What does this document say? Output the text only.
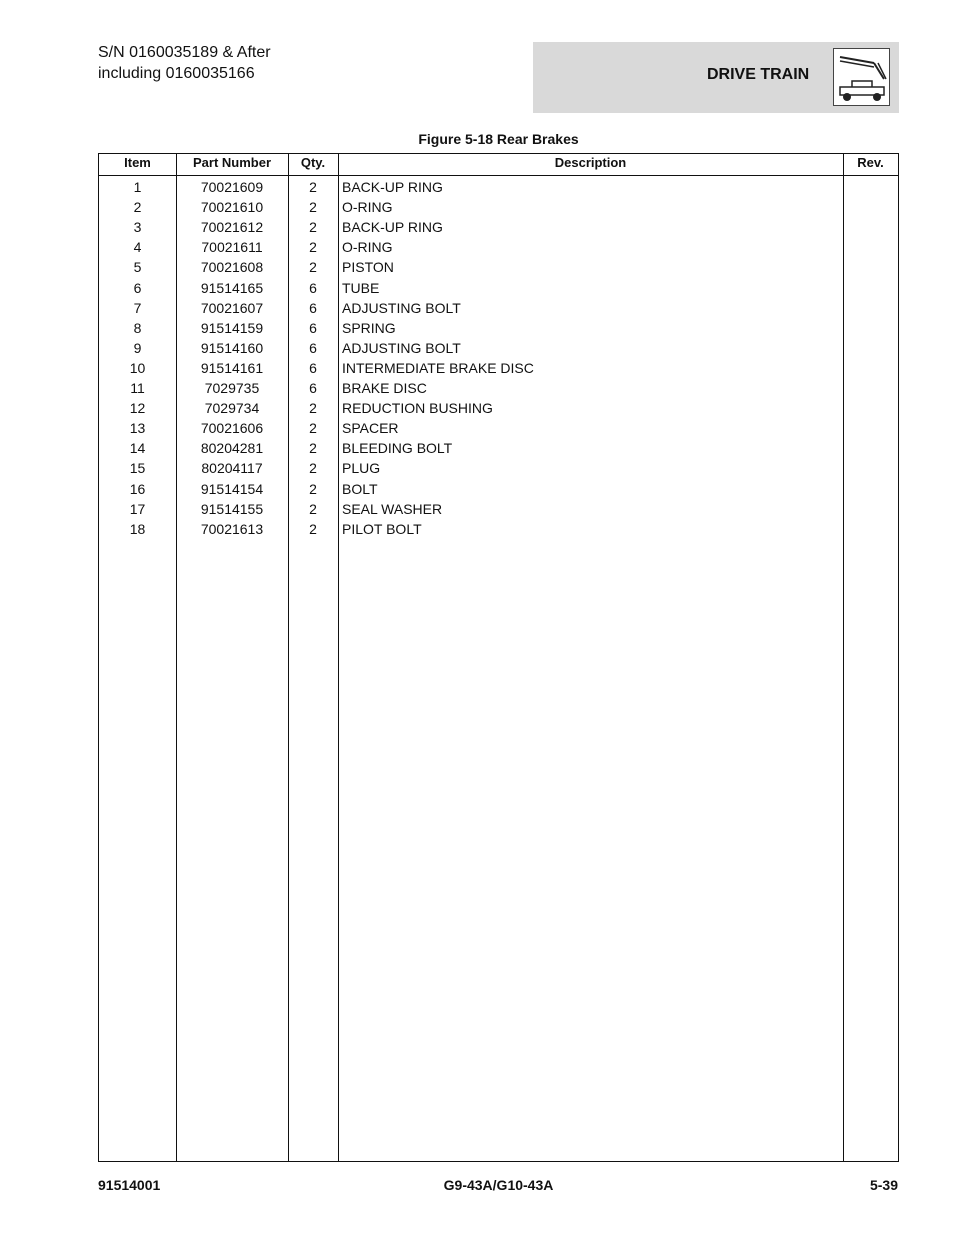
S/N 0160035189 & After
including 0160035166	DRIVE TRAIN
Figure 5-18 Rear Brakes
Item	Part Number	Qty.	Description	Rev.
1	70021609	2	BACK-UP RING
2	70021610	2	O-RING
3	70021612	2	BACK-UP RING
4	70021611	2	O-RING
5	70021608	2	PISTON
6	91514165	6	TUBE
7	70021607	6	ADJUSTING BOLT
8	91514159	6	SPRING
9	91514160	6	ADJUSTING BOLT
10	91514161	6	INTERMEDIATE BRAKE DISC
11	7029735	6	BRAKE DISC
12	7029734	2	REDUCTION BUSHING
13	70021606	2	SPACER
14	80204281	2	BLEEDING BOLT
15	80204117	2	PLUG
16	91514154	2	BOLT
17	91514155	2	SEAL WASHER
18	70021613	2	PILOT BOLT
91514001	G9-43A/G10-43A	5-39
